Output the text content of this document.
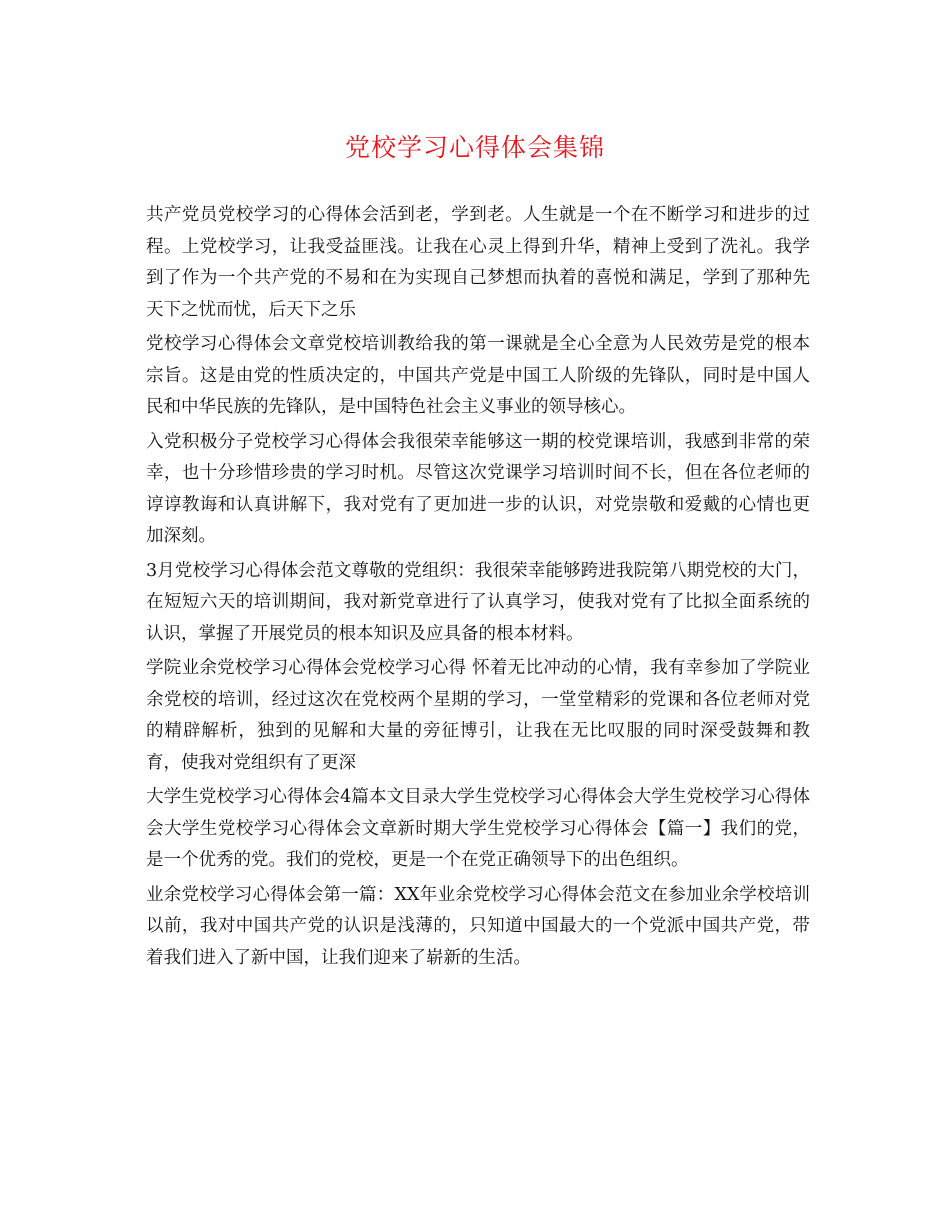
党校学习心得体会集锦

共产党员党校学习的心得体会活到老，学到老。人生就是一个在不断学习和进步的过程。上党校学习，让我受益匪浅。让我在心灵上得到升华，精神上受到了洗礼。我学到了作为一个共产党的不易和在为实现自己梦想而执着的喜悦和满足，学到了那种先天下之忧而忧，后天下之乐

党校学习心得体会文章党校培训教给我的第一课就是全心全意为人民效劳是党的根本宗旨。这是由党的性质决定的，中国共产党是中国工人阶级的先锋队，同时是中国人民和中华民族的先锋队，是中国特色社会主义事业的领导核心。

入党积极分子党校学习心得体会我很荣幸能够这一期的校党课培训，我感到非常的荣幸，也十分珍惜珍贵的学习时机。尽管这次党课学习培训时间不长，但在各位老师的谆谆教诲和认真讲解下，我对党有了更加进一步的认识，对党崇敬和爱戴的心情也更加深刻。

3月党校学习心得体会范文尊敬的党组织：我很荣幸能够跨进我院第八期党校的大门，在短短六天的培训期间，我对新党章进行了认真学习，使我对党有了比拟全面系统的认识，掌握了开展党员的根本知识及应具备的根本材料。

学院业余党校学习心得体会党校学习心得 怀着无比冲动的心情，我有幸参加了学院业余党校的培训，经过这次在党校两个星期的学习，一堂堂精彩的党课和各位老师对党的精辟解析，独到的见解和大量的旁征博引，让我在无比叹服的同时深受鼓舞和教育，使我对党组织有了更深

大学生党校学习心得体会4篇本文目录大学生党校学习心得体会大学生党校学习心得体会大学生党校学习心得体会文章新时期大学生党校学习心得体会【篇一】我们的党，是一个优秀的党。我们的党校，更是一个在党正确领导下的出色组织。

业余党校学习心得体会第一篇：XX年业余党校学习心得体会范文在参加业余学校培训以前，我对中国共产党的认识是浅薄的，只知道中国最大的一个党派中国共产党，带着我们进入了新中国，让我们迎来了崭新的生活。
